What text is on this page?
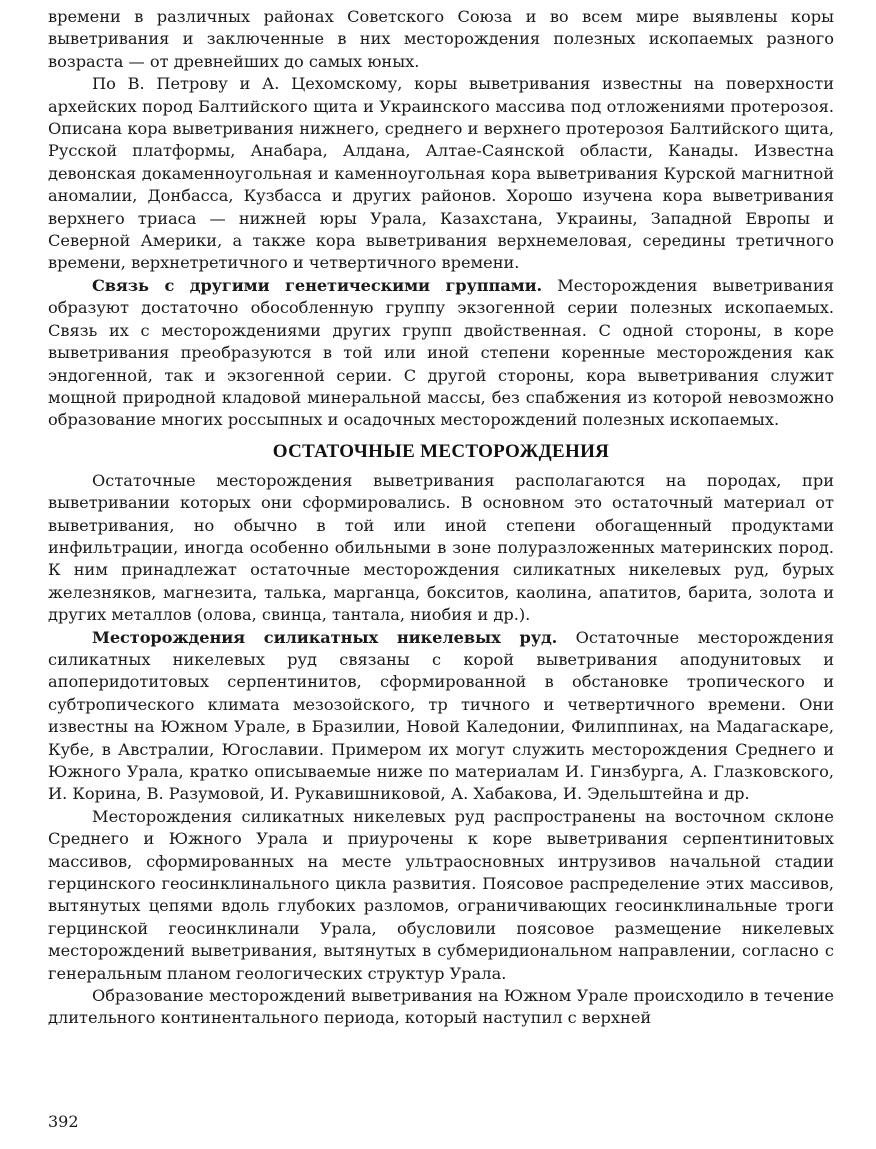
времени в различных районах Советского Союза и во всем мире выявлены коры выветривания и заключенные в них месторождения полезных ископаемых разного возраста — от древнейших до самых юных.

По В. Петрову и А. Цехомскому, коры выветривания известны на поверхности архейских пород Балтийского щита и Украинского массива под отложениями протерозоя. Описана кора выветривания нижнего, среднего и верхнего протерозоя Балтийского щита, Русской платформы, Анабара, Алдана, Алтае-Саянской области, Канады. Известна девонская докаменноугольная и каменноугольная кора выветривания Курской магнитной аномалии, Донбасса, Кузбасса и других районов. Хорошо изучена кора выветривания верхнего триаса — нижней юры Урала, Казахстана, Украины, Западной Европы и Северной Америки, а также кора выветривания верхнемеловая, середины третичного времени, верхнетретичного и четвертичного времени.

Связь с другими генетическими группами. Месторождения выветривания образуют достаточно обособленную группу экзогенной серии полезных ископаемых. Связь их с месторождениями других групп двойственная. С одной стороны, в коре выветривания преобразуются в той или иной степени коренные месторождения как эндогенной, так и экзогенной серии. С другой стороны, кора выветривания служит мощной природной кладовой минеральной массы, без спабжения из которой невозможно образование многих россыпных и осадочных месторождений полезных ископаемых.

ОСТАТОЧНЫЕ МЕСТОРОЖДЕНИЯ

Остаточные месторождения выветривания располагаются на породах, при выветривании которых они сформировались. В основном это остаточный материал от выветривания, но обычно в той или иной степени обогащенный продуктами инфильтрации, иногда особенно обильными в зоне полуразложенных материнских пород. К ним принадлежат остаточные месторождения силикатных никелевых руд, бурых железняков, магнезита, талька, марганца, бокситов, каолина, апатитов, барита, золота и других металлов (олова, свинца, тантала, ниобия и др.).

Месторождения силикатных никелевых руд. Остаточные месторождения силикатных никелевых руд связаны с корой выветривания аподунитовых и апоперидотитовых серпентинитов, сформированной в обстановке тропического и субтропического климата мезозойского, тр тичного и четвертичного времени. Они известны на Южном Урале, в Бразилии, Новой Каледонии, Филиппинах, на Мадагаскаре, Кубе, в Австралии, Югославии. Примером их могут служить месторождения Среднего и Южного Урала, кратко описываемые ниже по материалам И. Гинзбурга, А. Глазковского, И. Корина, В. Разумовой, И. Рукавишниковой, А. Хабакова, И. Эдельштейна и др.

Месторождения силикатных никелевых руд распространены на восточном склоне Среднего и Южного Урала и приурочены к коре выветривания серпентинитовых массивов, сформированных на месте ультраосновных интрузивов начальной стадии герцинского геосинклинального цикла развития. Поясовое распределение этих массивов, вытянутых цепями вдоль глубоких разломов, ограничивающих геосинклинальные троги герцинской геосинклинали Урала, обусловили поясовое размещение никелевых месторождений выветривания, вытянутых в субмеридиональном направлении, согласно с генеральным планом геологических структур Урала.

Образование месторождений выветривания на Южном Урале происходило в течение длительного континентального периода, который наступил с верхней

392
